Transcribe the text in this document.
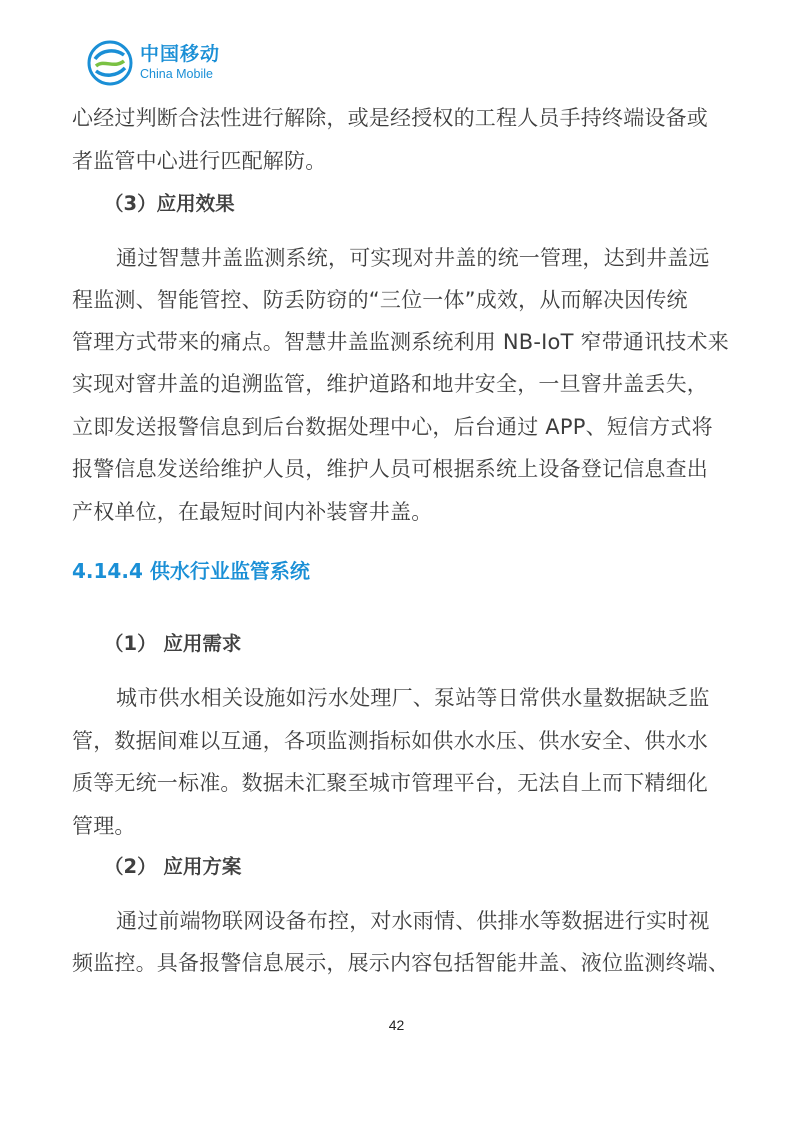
中国移动
China Mobile
心经过判断合法性进行解除，或是经授权的工程人员手持终端设备或
者监管中心进行匹配解防。
（3）应用效果
通过智慧井盖监测系统，可实现对井盖的统一管理，达到井盖远
程监测、智能管控、防丢防窃的“三位一体”成效，从而解决因传统
管理方式带来的痛点。智慧井盖监测系统利用 NB-IoT 窄带通讯技术来
实现对窨井盖的追溯监管，维护道路和地井安全，一旦窨井盖丢失，
立即发送报警信息到后台数据处理中心，后台通过 APP、短信方式将
报警信息发送给维护人员，维护人员可根据系统上设备登记信息查出
产权单位，在最短时间内补装窨井盖。
4.14.4 供水行业监管系统
（1） 应用需求
城市供水相关设施如污水处理厂、泵站等日常供水量数据缺乏监
管，数据间难以互通，各项监测指标如供水水压、供水安全、供水水
质等无统一标准。数据未汇聚至城市管理平台，无法自上而下精细化
管理。
（2） 应用方案
通过前端物联网设备布控，对水雨情、供排水等数据进行实时视
频监控。具备报警信息展示，展示内容包括智能井盖、液位监测终端、
42
